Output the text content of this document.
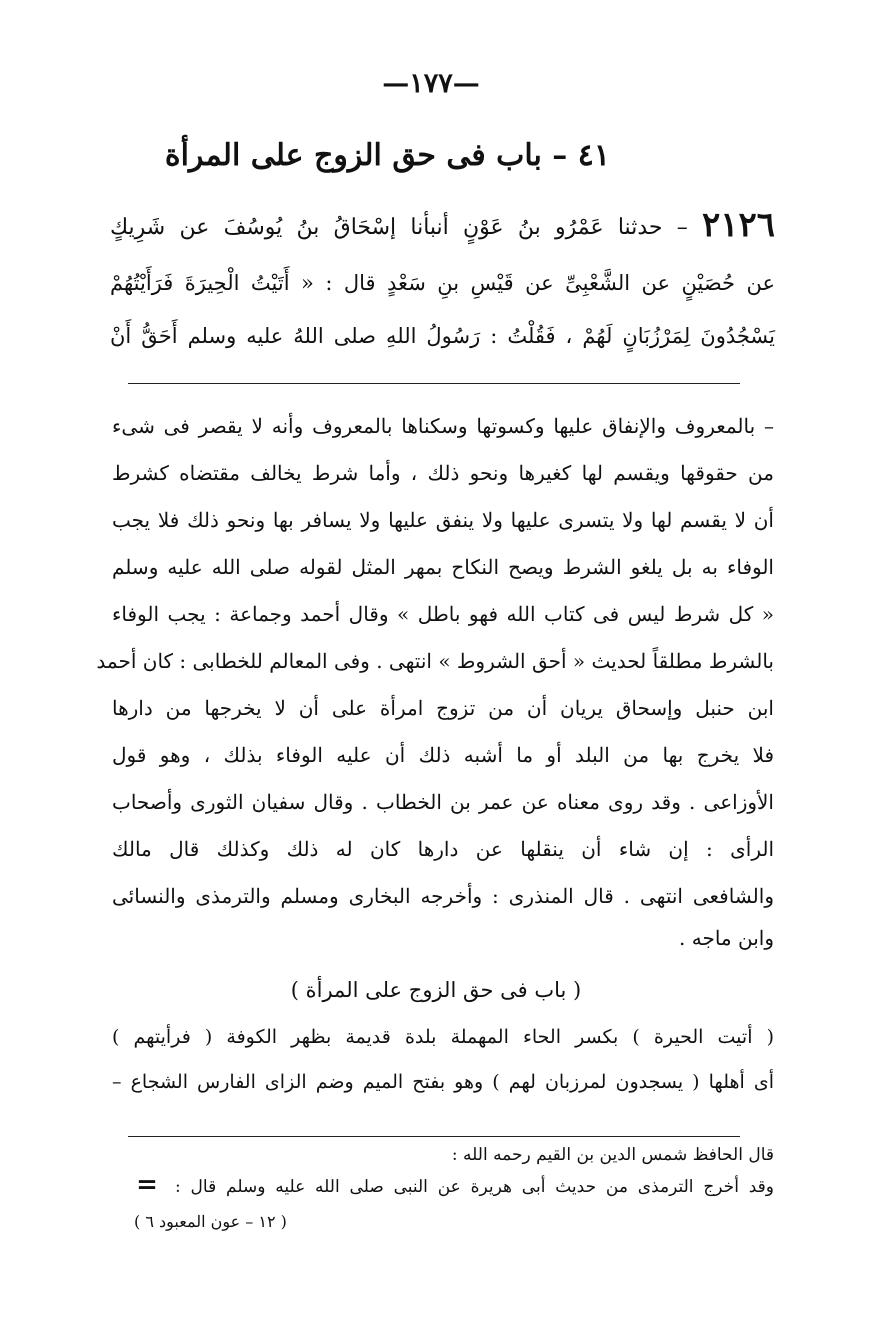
—١٧٧—
٤١ – باب فى حق الزوج على المرأة
٢١٢٦ – حدثنا عَمْرُو بنُ عَوْنٍ أنبأنا إسْحَاقُ بنُ يُوسُفَ عن شَرِيكٍ
عن حُصَيْنٍ عن الشَّعْبِىِّ عن قَيْسِ بنِ سَعْدٍ قال : « أَتَيْتُ الْحِيرَةَ فَرَأَيْتُهُمْ
يَسْجُدُونَ لِمَرْزُبَانٍ لَهُمْ ، فَقُلْتُ : رَسُولُ اللهِ صلى اللهُ عليه وسلم أَحَقُّ أَنْ
– بالمعروف والإنفاق عليها وكسوتها وسكناها بالمعروف وأنه لا يقصر فى شىء
من حقوقها ويقسم لها كغيرها ونحو ذلك ، وأما شرط يخالف مقتضاه كشرط
أن لا يقسم لها ولا يتسرى عليها ولا ينفق عليها ولا يسافر بها ونحو ذلك فلا يجب
الوفاء به بل يلغو الشرط ويصح النكاح بمهر المثل لقوله صلى الله عليه وسلم
« كل شرط ليس فى كتاب الله فهو باطل » وقال أحمد وجماعة : يجب الوفاء
بالشرط مطلقاً لحديث « أحق الشروط » انتهى . وفى المعالم للخطابى : كان أحمد
ابن حنبل وإسحاق يريان أن من تزوج امرأة على أن لا يخرجها من دارها
فلا يخرج بها من البلد أو ما أشبه ذلك أن عليه الوفاء بذلك ، وهو قول
الأوزاعى . وقد روى معناه عن عمر بن الخطاب . وقال سفيان الثورى وأصحاب
الرأى : إن شاء أن ينقلها عن دارها كان له ذلك وكذلك قال مالك
والشافعى انتهى . قال المنذرى : وأخرجه البخارى ومسلم والترمذى والنسائى
وابن ماجه .
( باب فى حق الزوج على المرأة )
( أتيت الحيرة ) بكسر الحاء المهملة بلدة قديمة بظهر الكوفة ( فرأيتهم )
أى أهلها ( يسجدون لمرزبان لهم ) وهو بفتح الميم وضم الزاى الفارس الشجاع –
قال الحافظ شمس الدين بن القيم رحمه الله :
وقد أخرج الترمذى من حديث أبى هريرة عن النبى صلى الله عليه وسلم قال :
=
( ١٢ – عون المعبود ٦ )
